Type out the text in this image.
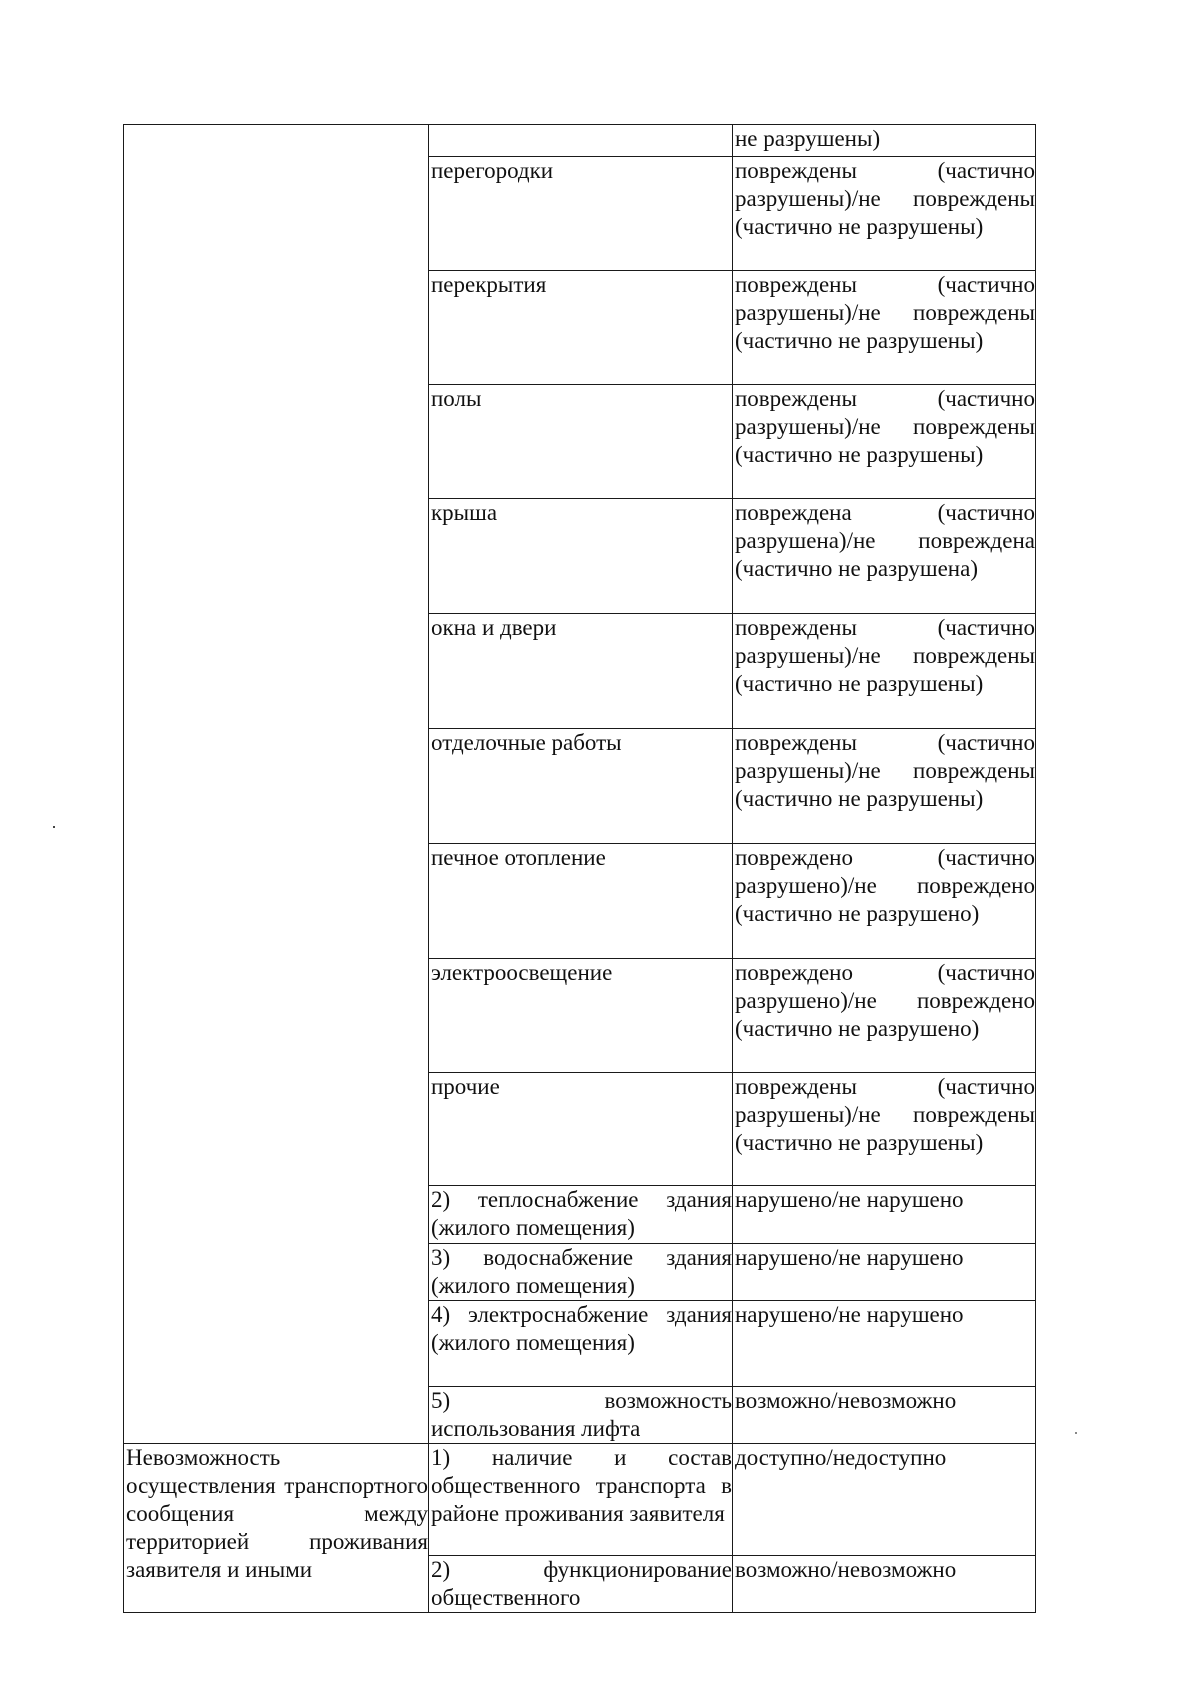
		не разрушены)

	перегородки	повреждены (частично разрушены)/не повреждены (частично не разрушены)
	перекрытия	повреждены (частично разрушены)/не повреждены (частично не разрушены)
	полы	повреждены (частично разрушены)/не повреждены (частично не разрушены)
	крыша	повреждена (частично разрушена)/не повреждена (частично не разрушена)
	окна и двери	повреждены (частично разрушены)/не повреждены (частично не разрушены)
	отделочные работы	повреждены (частично разрушены)/не повреждены (частично не разрушены)
	печное отопление	повреждено (частично разрушено)/не повреждено (частично не разрушено)
	электроосвещение	повреждено (частично разрушено)/не повреждено (частично не разрушено)
	прочие	повреждены (частично разрушены)/не повреждены (частично не разрушены)
	2) теплоснабжение здания (жилого помещения)	нарушено/не нарушено
	3) водоснабжение здания (жилого помещения)	нарушено/не нарушено
	4) электроснабжение здания (жилого помещения)	нарушено/не нарушено
	5) возможность использования лифта	возможно/невозможно
Невозможность осуществления транспортного сообщения между территорией проживания заявителя и иными	1) наличие и состав общественного транспорта в районе проживания заявителя	доступно/недоступно
	2) функционирование общественного	возможно/невозможно
